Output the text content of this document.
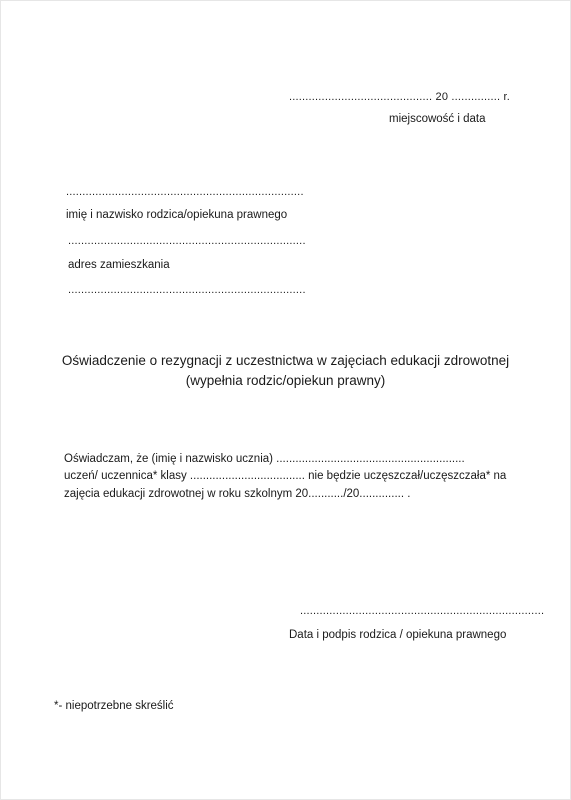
............................................ 20 ............... r.
miejscowość i data
.........................................................................
imię i nazwisko rodzica/opiekuna prawnego
.........................................................................
adres zamieszkania
.........................................................................
Oświadczenie o rezygnacji z uczestnictwa w zajęciach edukacji zdrowotnej
(wypełnia rodzic/opiekun prawny)
Oświadczam, że (imię i nazwisko ucznia) ...........................................................
uczeń/ uczennica* klasy .................................... nie będzie uczęszczał/uczęszczała* na
zajęcia edukacji zdrowotnej w roku szkolnym 20.........../20.............. .
...........................................................................
Data i podpis rodzica / opiekuna prawnego
*- niepotrzebne skreślić
